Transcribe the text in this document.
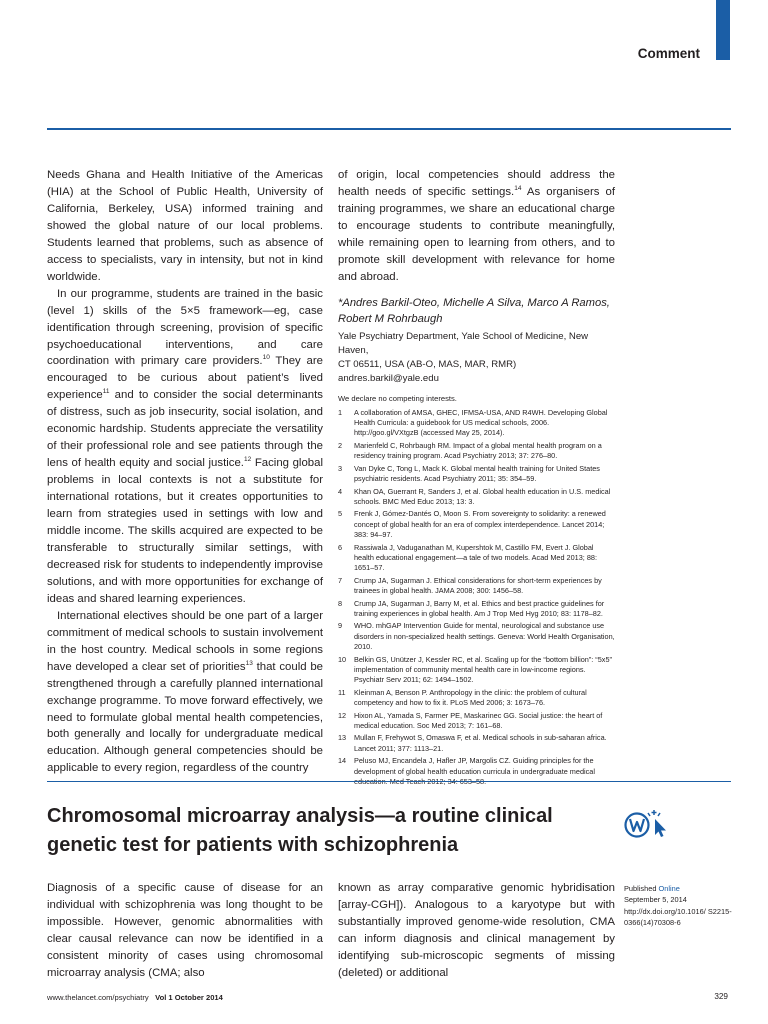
Comment

Needs Ghana and Health Initiative of the Americas (HIA) at the School of Public Health, University of California, Berkeley, USA) informed training and showed the global nature of our local problems. Students learned that problems, such as absence of access to specialists, vary in intensity, but not in kind worldwide.

In our programme, students are trained in the basic (level 1) skills of the 5×5 framework—eg, case identification through screening, provision of specific psychoeducational interventions, and care coordination with primary care providers.$^{10}$ They are encouraged to be curious about patient’s lived experience$^{11}$ and to consider the social determinants of distress, such as job insecurity, social isolation, and economic hardship. Students appreciate the versatility of their professional role and see patients through the lens of health equity and social justice.$^{12}$ Facing global problems in local contexts is not a substitute for international rotations, but it creates opportunities to learn from strategies used in settings with low and middle income. The skills acquired are expected to be transferable to structurally similar settings, with decreased risk for students to independently improvise solutions, and with more opportunities for exchange of ideas and shared learning experiences.

International electives should be one part of a larger commitment of medical schools to sustain involvement in the host country. Medical schools in some regions have developed a clear set of priorities$^{13}$ that could be strengthened through a carefully planned international exchange programme. To move forward effectively, we need to formulate global mental health competencies, both generally and locally for undergraduate medical education. Although general competencies should be applicable to every region, regardless of the country

of origin, local competencies should address the health needs of specific settings.$^{14}$ As organisers of training programmes, we share an educational charge to encourage students to contribute meaningfully, while remaining open to learning from others, and to promote skill development with relevance for home and abroad.
*Andres Barkil-Oteo, Michelle A Silva, Marco A Ramos, Robert M Rohrbaugh
Yale Psychiatry Department, Yale School of Medicine, New Haven,
CT 06511, USA (AB-O, MAS, MAR, RMR)
andres.barkil@yale.edu
We declare no competing interests.
1 A collaboration of AMSA, GHEC, IFMSA-USA, AND R4WH. Developing Global Health Curricula: a guidebook for US medical schools, 2006. http://goo.gl/VXtgzB (accessed May 25, 2014).
2 Marienfeld C, Rohrbaugh RM. Impact of a global mental health program on a residency training program. Acad Psychiatry 2013; 37: 276–80.
3 Van Dyke C, Tong L, Mack K. Global mental health training for United States psychiatric residents. Acad Psychiatry 2011; 35: 354–59.
4 Khan OA, Guerrant R, Sanders J, et al. Global health education in U.S. medical schools. BMC Med Educ 2013; 13: 3.
5 Frenk J, Gómez-Dantés O, Moon S. From sovereignty to solidarity: a renewed concept of global health for an era of complex interdependence. Lancet 2014; 383: 94–97.
6 Rassiwala J, Vaduganathan M, Kupershtok M, Castillo FM, Evert J. Global health educational engagement—a tale of two models. Acad Med 2013; 88: 1651–57.
7 Crump JA, Sugarman J. Ethical considerations for short-term experiences by trainees in global health. JAMA 2008; 300: 1456–58.
8 Crump JA, Sugarman J, Barry M, et al. Ethics and best practice guidelines for training experiences in global health. Am J Trop Med Hyg 2010; 83: 1178–82.
9 WHO. mhGAP Intervention Guide for mental, neurological and substance use disorders in non-specialized health settings. Geneva: World Health Organisation, 2010.
10 Belkin GS, Unützer J, Kessler RC, et al. Scaling up for the “bottom billion”: “5x5” implementation of community mental health care in low-income regions. Psychiatr Serv 2011; 62: 1494–1502.
11 Kleinman A, Benson P. Anthropology in the clinic: the problem of cultural competency and how to fix it. PLoS Med 2006; 3: 1673–76.
12 Hixon AL, Yamada S, Farmer PE, Maskarinec GG. Social justice: the heart of medical education. Soc Med 2013; 7: 161–68.
13 Mullan F, Frehywot S, Omaswa F, et al. Medical schools in sub-saharan africa. Lancet 2011; 377: 1113–21.
14 Peluso MJ, Encandela J, Hafler JP, Margolis CZ. Guiding principles for the development of global health education curricula in undergraduate medical
Chromosomal microarray analysis—a routine clinical genetic test for patients with schizophrenia
Diagnosis of a specific cause of disease for an individual with schizophrenia was long thought to be impossible. However, genomic abnormalities with clear causal relevance can now be identified in a consistent minority of cases using chromosomal microarray analysis (CMA; also
known as array comparative genomic hybridisation [array-CGH]). Analogous to a karyotype but with substantially improved genome-wide resolution, CMA can inform diagnosis and clinical management by identifying sub-microscopic segments of missing (deleted) or additional
Published Online
September 5, 2014
http://dx.doi.org/10.1016/ S2215-0366(14)70308-6
www.thelancet.com/psychiatry Vol 1 October 2014	329
